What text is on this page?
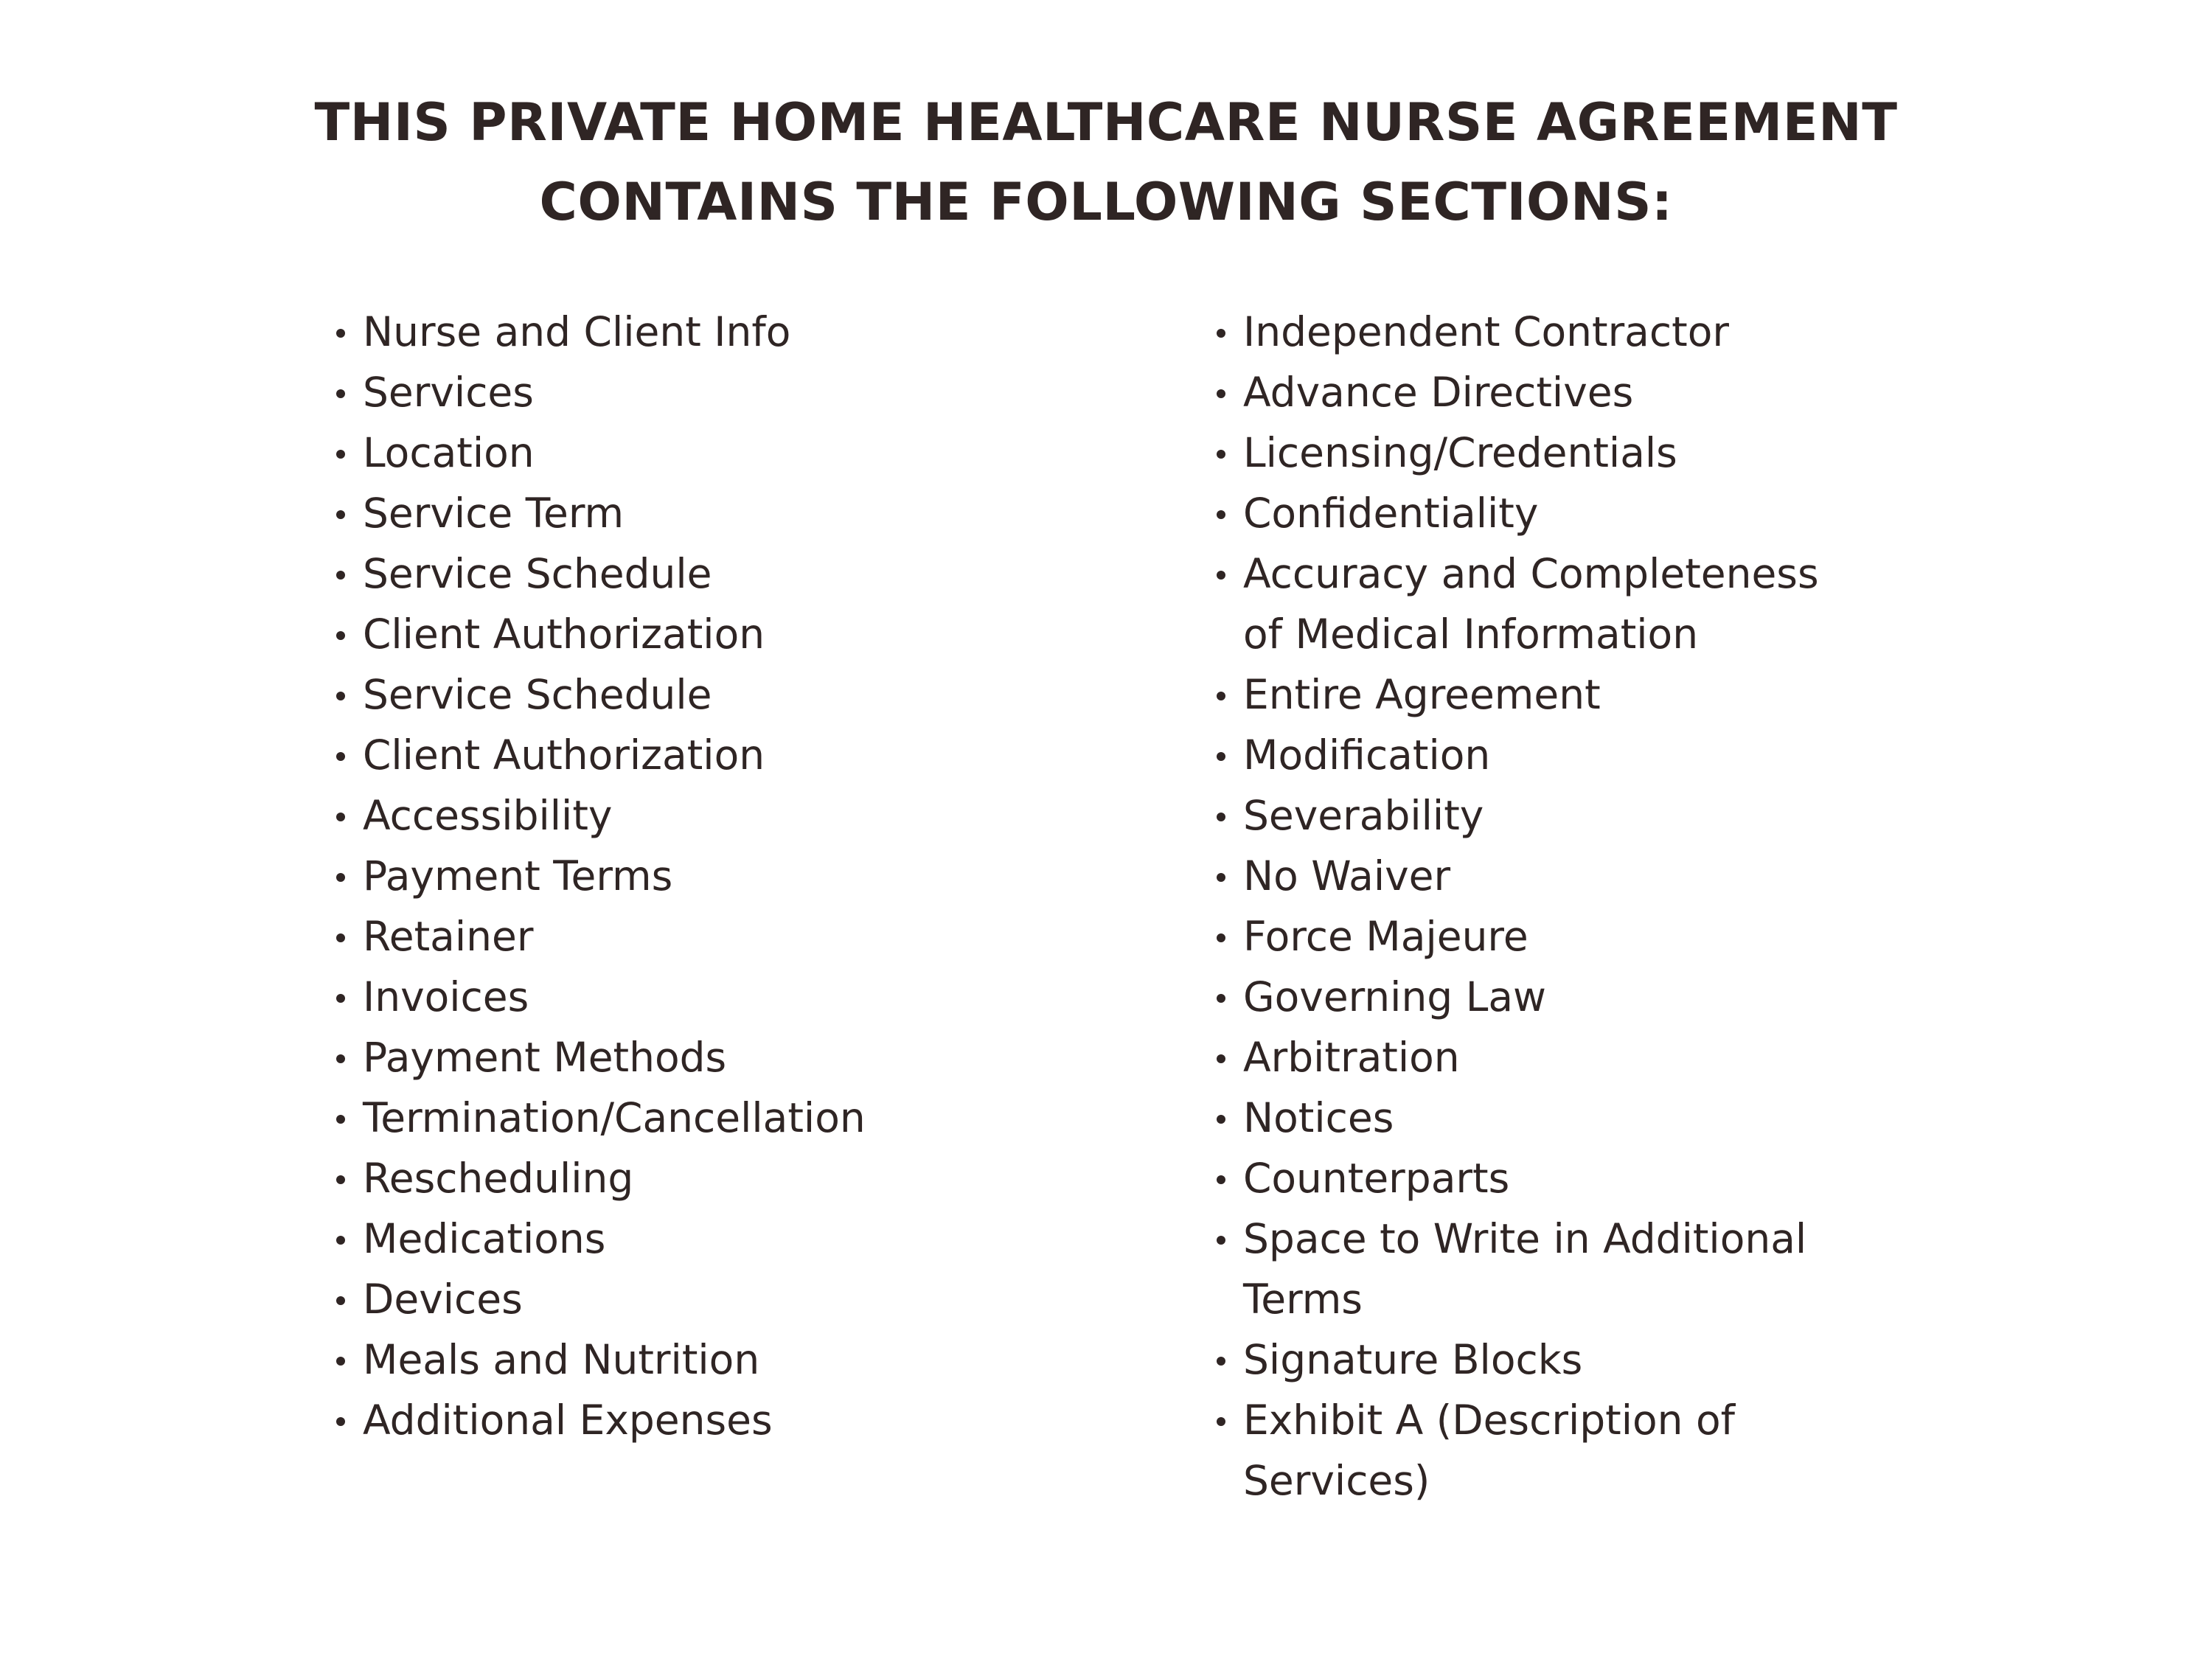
THIS PRIVATE HOME HEALTHCARE NURSE AGREEMENT
CONTAINS THE FOLLOWING SECTIONS:
Nurse and Client Info
Services
Location
Service Term
Service Schedule
Client Authorization
Service Schedule
Client Authorization
Accessibility
Payment Terms
Retainer
Invoices
Payment Methods
Termination/Cancellation
Rescheduling
Medications
Devices
Meals and Nutrition
Additional Expenses
Independent Contractor
Advance Directives
Licensing/Credentials
Confidentiality
Accuracy and Completeness
of Medical Information
Entire Agreement
Modification
Severability
No Waiver
Force Majeure
Governing Law
Arbitration
Notices
Counterparts
Space to Write in Additional
Terms
Signature Blocks
Exhibit A (Description of
Services)
